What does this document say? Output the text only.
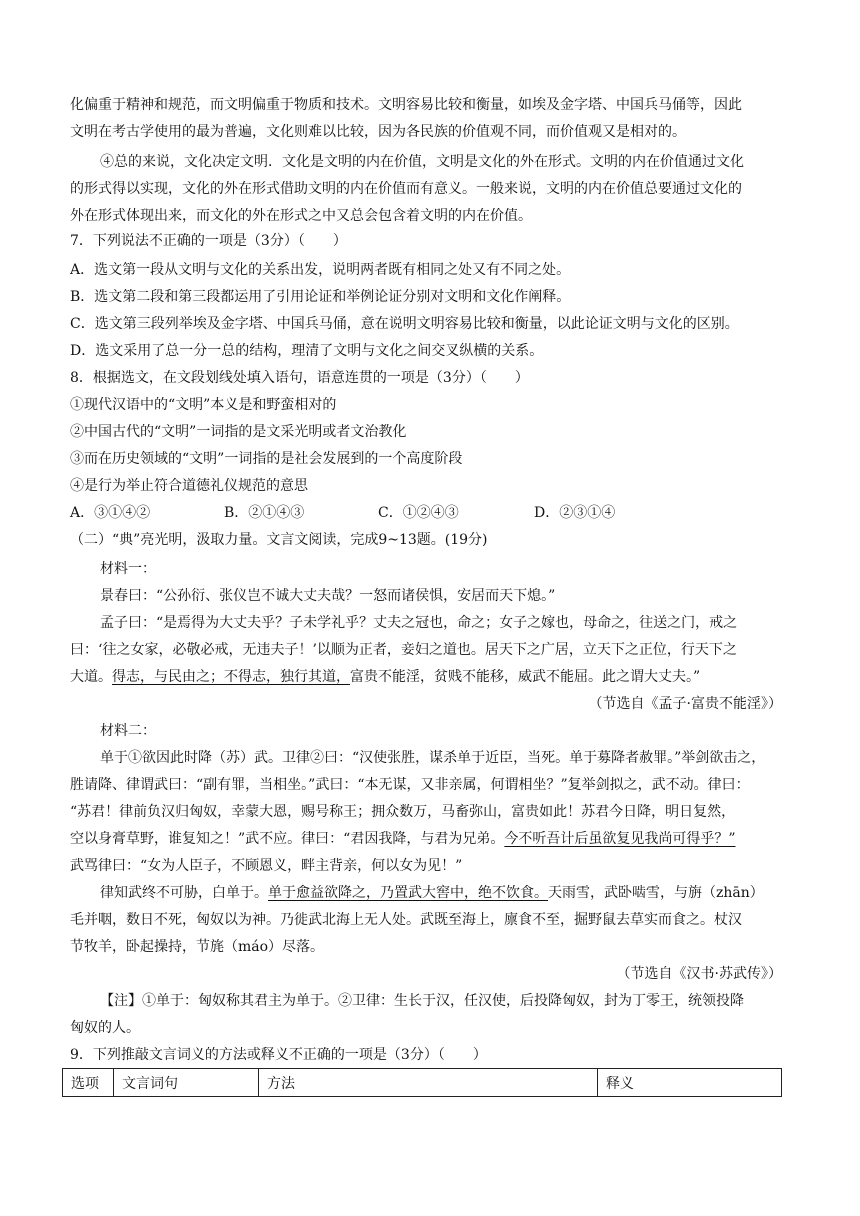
化偏重于精神和规范，而文明偏重于物质和技术。文明容易比较和衡量，如埃及金字塔、中国兵马俑等，因此
文明在考古学使用的最为普遍，文化则难以比较，因为各民族的价值观不同，而价值观又是相对的。
④总的来说，文化决定文明．文化是文明的内在价值，文明是文化的外在形式。文明的内在价值通过文化
的形式得以实现，文化的外在形式借助文明的内在价值而有意义。一般来说，文明的内在价值总要通过文化的
外在形式体现出来，而文化的外在形式之中又总会包含着文明的内在价值。
7．下列说法不正确的一项是（3分）（　　）
A．选文第一段从文明与文化的关系出发，说明两者既有相同之处又有不同之处。
B．选文第二段和第三段都运用了引用论证和举例论证分别对文明和文化作阐释。
C．选文第三段列举埃及金字塔、中国兵马俑，意在说明文明容易比较和衡量，以此论证文明与文化的区别。
D．选文采用了总一分一总的结构，理清了文明与文化之间交叉纵横的关系。
8．根据选文，在文段划线处填入语句，语意连贯的一项是（3分）（　　）
①现代汉语中的“文明”本义是和野蛮相对的
②中国古代的“文明”一词指的是文采光明或者文治教化
③而在历史领域的“文明”一词指的是社会发展到的一个高度阶段
④是行为举止符合道德礼仪规范的意思
A．③①④②	B．②①④③	C．①②④③	D．②③①④
（二）“典”亮光明，汲取力量。文言文阅读，完成9~13题。(19分)
材料一：
景春曰：“公孙衍、张仪岂不诚大丈夫哉？一怒而诸侯惧，安居而天下熄。”
孟子曰：“是焉得为大丈夫乎？子未学礼乎？丈夫之冠也，命之；女子之嫁也，母命之，往送之门，戒之
曰：‘往之女家，必敬必戒，无违夫子！’以顺为正者，妾妇之道也。居天下之广居，立天下之正位，行天下之
大道。得志，与民由之；不得志，独行其道，富贵不能淫，贫贱不能移，威武不能屈。此之谓大丈夫。”
（节选自《孟子·富贵不能淫》）
材料二：
单于①欲因此时降（苏）武。卫律②曰：“汉使张胜，谋杀单于近臣，当死。单于募降者赦罪。”举剑欲击之，
胜请降、律谓武曰：“副有罪，当相坐。”武曰：“本无谋，又非亲属，何谓相坐？”复举剑拟之，武不动。律曰：
“苏君！律前负汉归匈奴，幸蒙大恩，赐号称王；拥众数万，马畜弥山，富贵如此！苏君今日降，明日复然，
空以身膏草野，谁复知之！”武不应。律曰：“君因我降，与君为兄弟。今不听吾计后虽欲复见我尚可得乎？”
武骂律曰：“女为人臣子，不顾恩义，畔主背亲，何以女为见！”
律知武终不可胁，白单于。单于愈益欲降之，乃置武大窖中，绝不饮食。天雨雪，武卧啮雪，与旃（zhān）
毛并咽，数日不死，匈奴以为神。乃徙武北海上无人处。武既至海上，廪食不至，掘野鼠去草实而食之。杖汉
节牧羊，卧起操持，节旄（máo）尽落。
（节选自《汉书·苏武传》）
【注】①单于：匈奴称其君主为单于。②卫律：生长于汉，任汉使，后投降匈奴，封为丁零王，统领投降
匈奴的人。
9．下列推敲文言词义的方法或释义不正确的一项是（3分）（　　）
选项	文言词句	方法	释义
